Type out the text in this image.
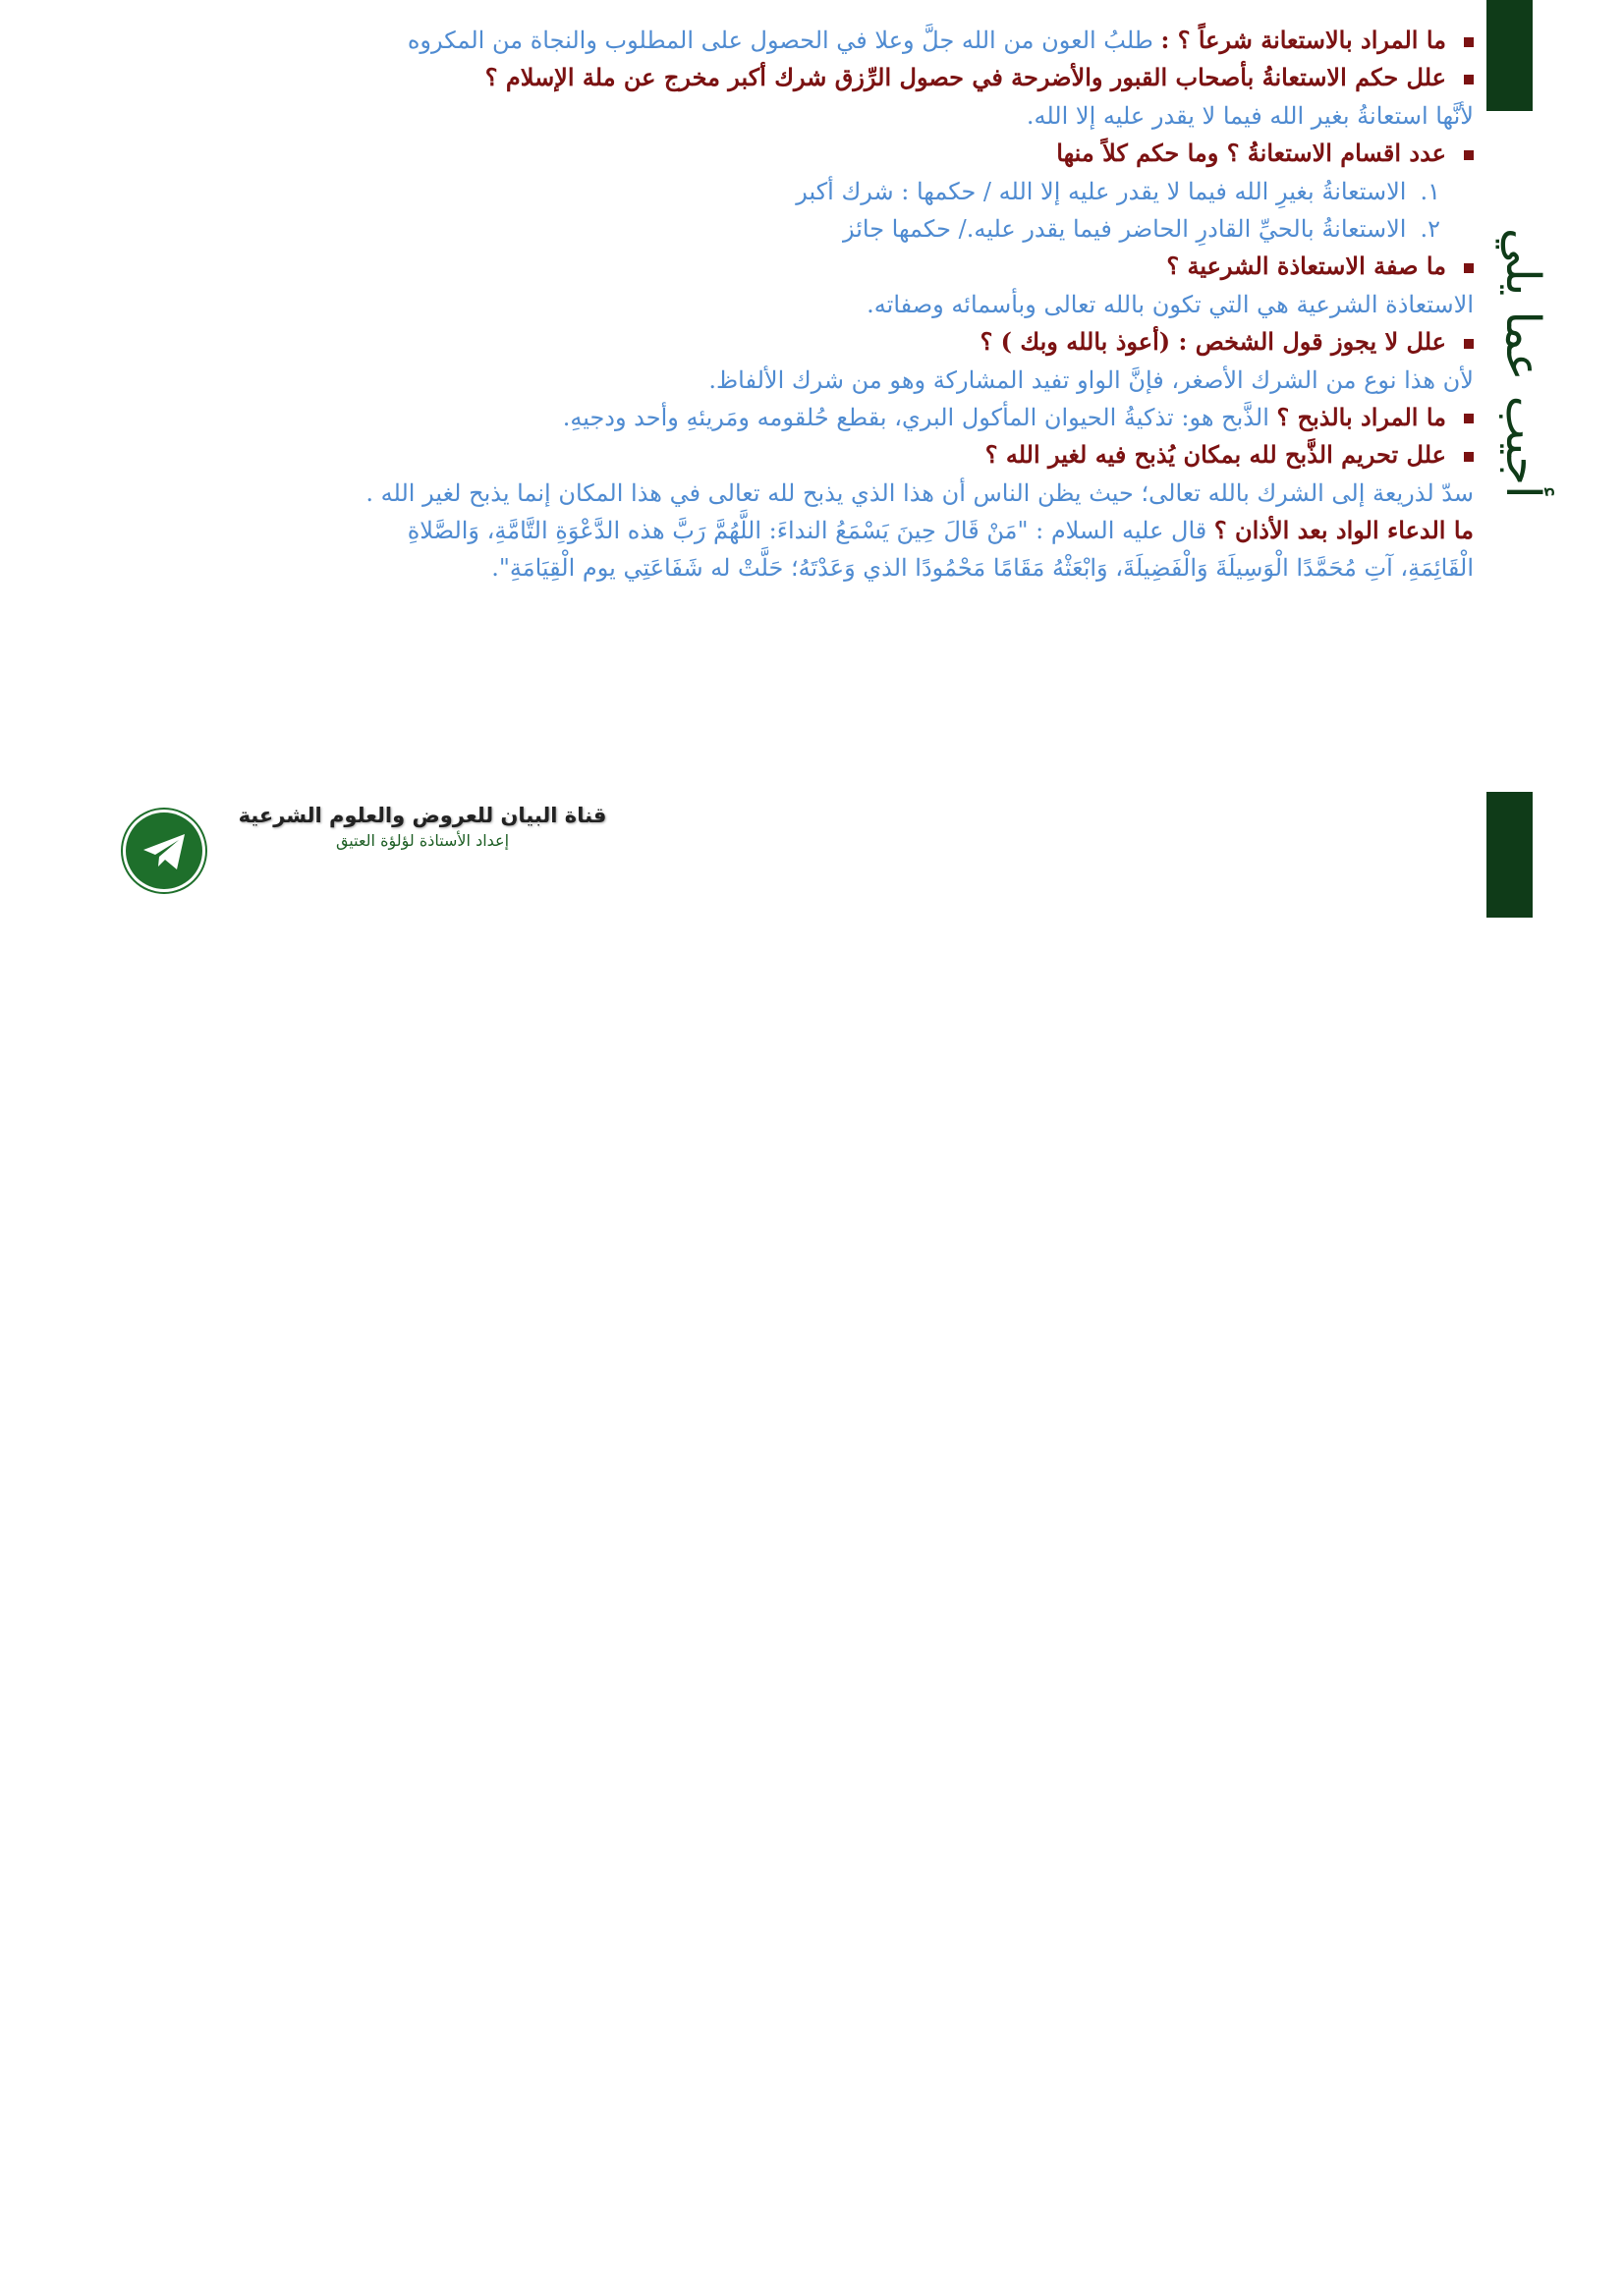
أجيب عما يلي

ما المراد بالاستعانة شرعاً ؟ : طلبُ العون من الله جلَّ وعلا في الحصول على المطلوب والنجاة من المكروه

علل حكم الاستعانةُ بأصحاب القبور والأضرحة في حصول الرِّزق شرك أكبر مخرج عن ملة الإسلام ؟

لأنَّها استعانةُ بغير الله فيما لا يقدر عليه إلا الله.

عدد اقسام الاستعانةُ ؟ وما حكم كلاً منها

١.الاستعانةُ بغيرِ الله فيما لا يقدر عليه إلا الله / حكمها : شرك أكبر

٢.الاستعانةُ بالحيِّ القادرِ الحاضر فيما يقدر عليه./ حكمها جائز

ما صفة الاستعاذة الشرعية ؟

الاستعاذة الشرعية هي التي تكون بالله تعالى وبأسمائه وصفاته.

علل لا يجوز قول الشخص : (أعوذ بالله وبك ) ؟

لأن هذا نوع من الشرك الأصغر، فإنَّ الواو تفيد المشاركة وهو من شرك الألفاظ.

ما المراد بالذبح ؟ الذَّبح هو: تذكيةُ الحيوان المأكول البري، بقطع حُلقومه ومَريئهِ وأحد ودجيهِ.

علل تحريم الذَّبح لله بمكان يُذبح فيه لغير الله ؟

سدّ لذريعة إلى الشرك بالله تعالى؛ حيث يظن الناس أن هذا الذي يذبح لله تعالى في هذا المكان إنما يذبح لغير الله .

ما الدعاء الواد بعد الأذان ؟ قال عليه السلام : "مَنْ قَالَ حِينَ يَسْمَعُ النداءَ: اللَّهُمَّ رَبَّ هذه الدَّعْوَةِ التَّامَّةِ، وَالصَّلاةِ

الْقَائِمَةِ، آتِ مُحَمَّدًا الْوَسِيلَةَ وَالْفَضِيلَةَ، وَابْعَثْهُ مَقَامًا مَحْمُودًا الذي وَعَدْتَهُ؛ حَلَّتْ له شَفَاعَتِي يوم الْقِيَامَةِ".

قناة البيان للعروض والعلوم الشرعية
إعداد الأستاذة لؤلؤة العتيق
